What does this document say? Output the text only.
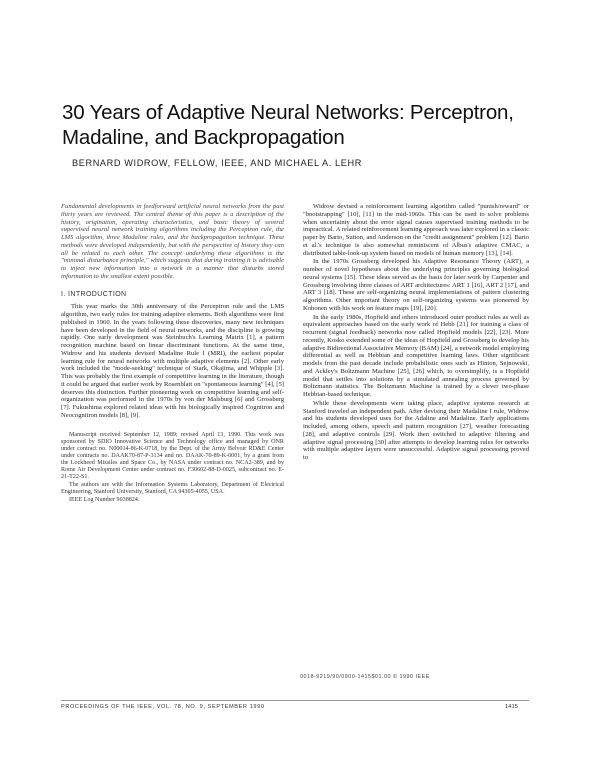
30 Years of Adaptive Neural Networks: Perceptron, Madaline, and Backpropagation
BERNARD WIDROW, FELLOW, IEEE, AND MICHAEL A. LEHR

Fundamental developments in feedforward artificial neural networks from the past thirty years are reviewed. The central theme of this paper is a description of the history, origination, operating characteristics, and basic theory of several supervised neural network training algorithms including the Perceptron rule, the LMS algorithm, three Madaline rules, and the backpropagation technique. These methods were developed independently, but with the perspective of history they can all be related to each other. The concept underlying these algorithms is the "minimal disturbance principle," which suggests that during training it is advisable to inject new information into a network in a manner that disturbs stored information to the smallest extent possible.

I. INTRODUCTION

This year marks the 30th anniversary of the Perceptron rule and the LMS algorithm, two early rules for training adaptive elements. Both algorithms were first published in 1960. In the years following these discoveries, many new techniques have been developed in the field of neural networks, and the discipline is growing rapidly. One early development was Steinbuch's Learning Matrix [1], a pattern recognition machine based on linear discriminant functions. At the same time, Widrow and his students devised Madaline Rule I (MRI), the earliest popular learning rule for neural networks with multiple adaptive elements [2]. Other early work included the "mode-seeking" technique of Stark, Okajima, and Whipple [3]. This was probably the first example of competitive learning in the literature, though it could be argued that earlier work by Rosenblatt on "spontaneous learning" [4], [5] deserves this distinction. Further pioneering work on competitive learning and self-organization was performed in the 1970s by von der Malsburg [6] and Grossberg [7]. Fukushima explored related ideas with his biologically inspired Cognitron and Neocognitron models [8], [9].

Manuscript received September 12, 1989; revised April 13, 1990. This work was sponsored by SDIO Innovative Science and Technology office and managed by ONR under contract no. N00014-86-K-0718, by the Dept. of the Army Belvoir RD&E Center under contracts no. DAAK70-87-P-3134 and no. DAAK-70-89-K-0001, by a grant from the Lockheed Missiles and Space Co., by NASA under contract no. NCA2-389, and by Rome Air Development Center under contract no. F30602-88-D-0025, subcontract no. E-21-T22-S1.

The authors are with the Information Systems Laboratory, Department of Electrical Engineering, Stanford University, Stanford, CA 94305-4055, USA.

IEEE Log Number 9038824.

Widrow devised a reinforcement learning algorithm called "punish/reward" or "bootstrapping" [10], [11] in the mid-1960s. This can be used to solve problems when uncertainty about the error signal causes supervised training methods to be impractical. A related reinforcement learning approach was later explored in a classic paper by Barto, Sutton, and Anderson on the "credit assignment" problem [12]. Barto et al.'s technique is also somewhat reminiscent of Albus's adaptive CMAC, a distributed table-look-up system based on models of human memory [13], [14].

In the 1970s Grossberg developed his Adaptive Resonance Theory (ART), a number of novel hypotheses about the underlying principles governing biological neural systems [15]. These ideas served as the basis for later work by Carpenter and Grossberg involving three classes of ART architectures: ART 1 [16], ART 2 [17], and ART 3 [18]. These are self-organizing neural implementations of pattern clustering algorithms. Other important theory on self-organizing systems was pioneered by Kohonen with his work on feature maps [19], [20].

In the early 1980s, Hopfield and others introduced outer product rules as well as equivalent approaches based on the early work of Hebb [21] for training a class of recurrent (signal feedback) networks now called Hopfield models [22], [23]. More recently, Kosko extended some of the ideas of Hopfield and Grossberg to develop his adaptive Bidirectional Associative Memory (BAM) [24], a network model employing differential as well as Hebbian and competitive learning laws. Other significant models from the past decade include probabilistic ones such as Hinton, Sejnowski, and Ackley's Boltzmann Machine [25], [26] which, to oversimplify, is a Hopfield model that settles into solutions by a simulated annealing process governed by Boltzmann statistics. The Boltzmann Machine is trained by a clever two-phase Hebbian-based technique.

While these developments were taking place, adaptive systems research at Stanford traveled an independent path. After devising their Madaline I rule, Widrow and his students developed uses for the Adaline and Madaline. Early applications included, among others, speech and pattern recognition [27], weather forecasting [28], and adaptive controls [29]. Work then switched to adaptive filtering and adaptive signal processing [30] after attempts to develop learning rules for networks with multiple adaptive layers were unsuccessful. Adaptive signal processing proved to

0018-9219/90/0900-1415$01.00 © 1990 IEEE
PROCEEDINGS OF THE IEEE, VOL. 78, NO. 9, SEPTEMBER 1990	1415
